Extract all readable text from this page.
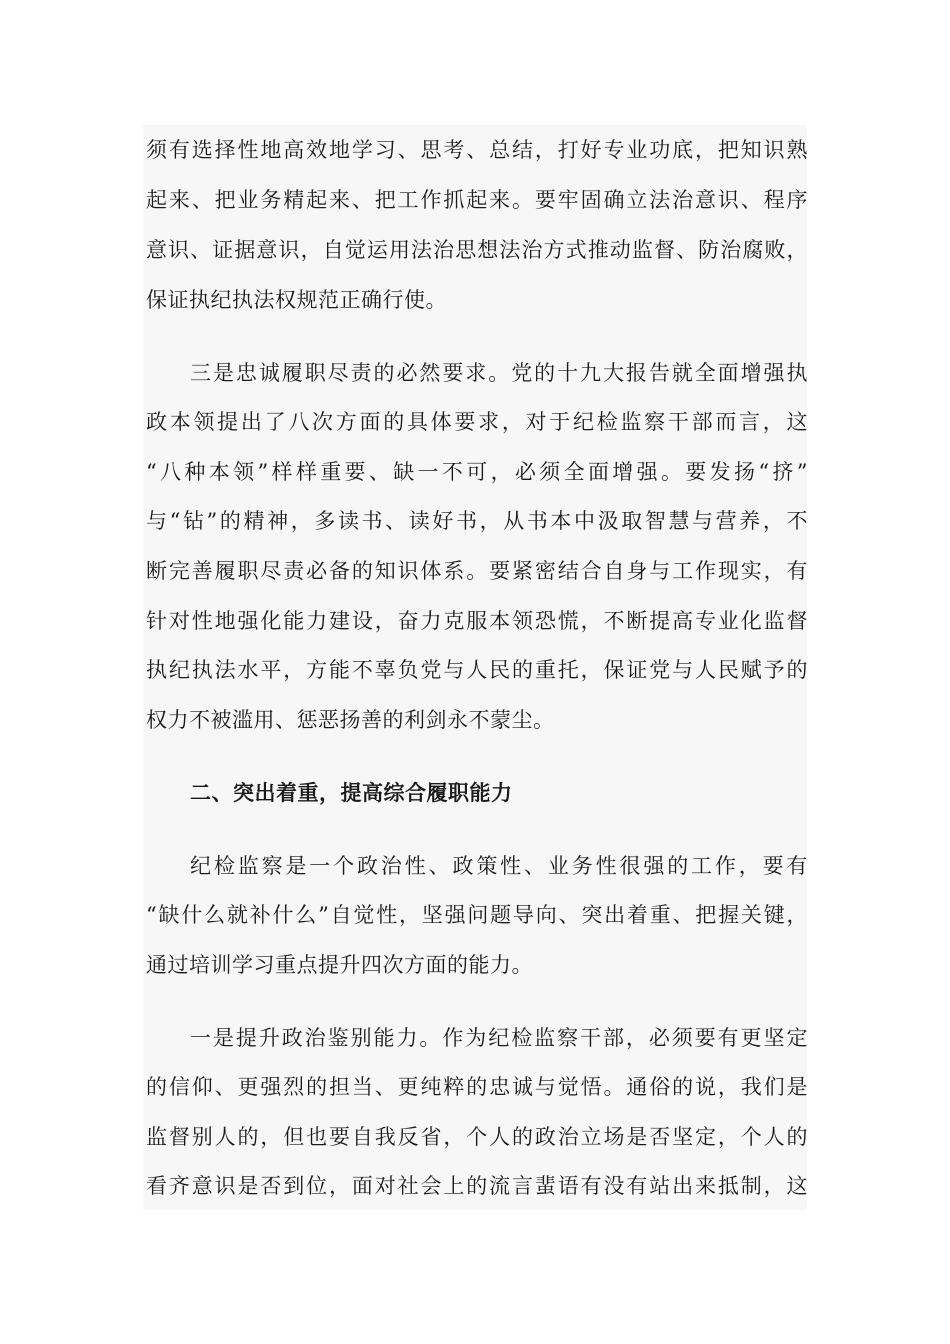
须有选择性地高效地学习、思考、总结，打好专业功底，把知识熟
起来、把业务精起来、把工作抓起来。要牢固确立法治意识、程序
意识、证据意识，自觉运用法治思想法治方式推动监督、防治腐败，
保证执纪执法权规范正确行使。
三是忠诚履职尽责的必然要求。党的十九大报告就全面增强执
政本领提出了八次方面的具体要求，对于纪检监察干部而言，这
“八种本领”样样重要、缺一不可，必须全面增强。要发扬“挤”
与“钻”的精神，多读书、读好书，从书本中汲取智慧与营养，不
断完善履职尽责必备的知识体系。要紧密结合自身与工作现实，有
针对性地强化能力建设，奋力克服本领恐慌，不断提高专业化监督
执纪执法水平，方能不辜负党与人民的重托，保证党与人民赋予的
权力不被滥用、惩恶扬善的利剑永不蒙尘。
二、突出着重，提高综合履职能力
纪检监察是一个政治性、政策性、业务性很强的工作，要有
“缺什么就补什么”自觉性，坚强问题导向、突出着重、把握关键，
通过培训学习重点提升四次方面的能力。
一是提升政治鉴别能力。作为纪检监察干部，必须要有更坚定
的信仰、更强烈的担当、更纯粹的忠诚与觉悟。通俗的说，我们是
监督别人的，但也要自我反省，个人的政治立场是否坚定，个人的
看齐意识是否到位，面对社会上的流言蜚语有没有站出来抵制，这
